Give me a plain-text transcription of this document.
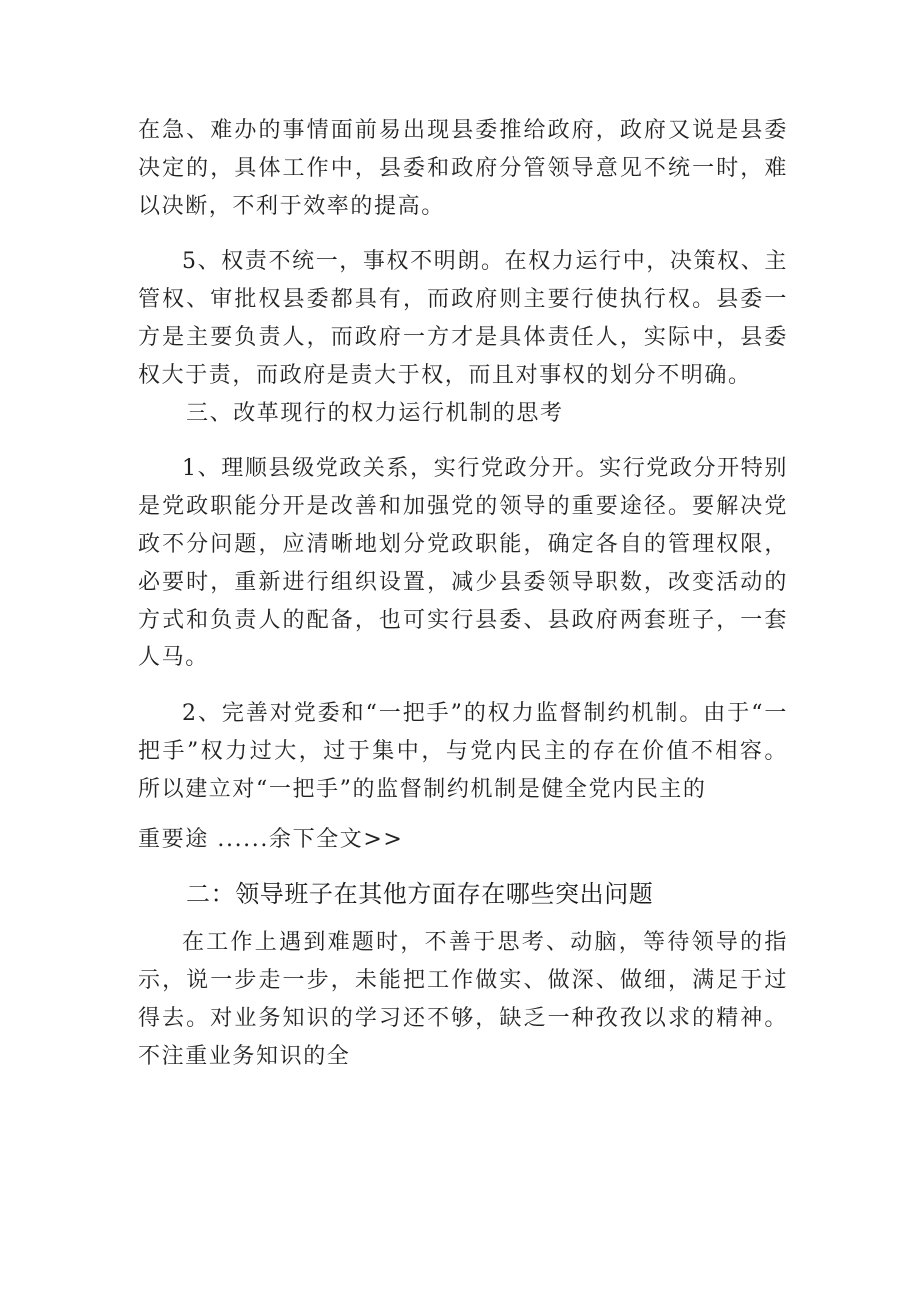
在急、难办的事情面前易出现县委推给政府，政府又说是县委决定的，具体工作中，县委和政府分管领导意见不统一时，难以决断，不利于效率的提高。

5、权责不统一，事权不明朗。在权力运行中，决策权、主管权、审批权县委都具有，而政府则主要行使执行权。县委一方是主要负责人，而政府一方才是具体责任人，实际中，县委权大于责，而政府是责大于权，而且对事权的划分不明确。

三、改革现行的权力运行机制的思考

1、理顺县级党政关系，实行党政分开。实行党政分开特别是党政职能分开是改善和加强党的领导的重要途径。要解决党政不分问题，应清晰地划分党政职能，确定各自的管理权限，必要时，重新进行组织设置，减少县委领导职数，改变活动的方式和负责人的配备，也可实行县委、县政府两套班子，一套人马。

2、完善对党委和“一把手”的权力监督制约机制。由于“一把手”权力过大，过于集中，与党内民主的存在价值不相容。所以建立对“一把手”的监督制约机制是健全党内民主的

重要途 ......余下全文>>

二：领导班子在其他方面存在哪些突出问题

在工作上遇到难题时，不善于思考、动脑，等待领导的指示，说一步走一步，未能把工作做实、做深、做细，满足于过得去。对业务知识的学习还不够，缺乏一种孜孜以求的精神。不注重业务知识的全
